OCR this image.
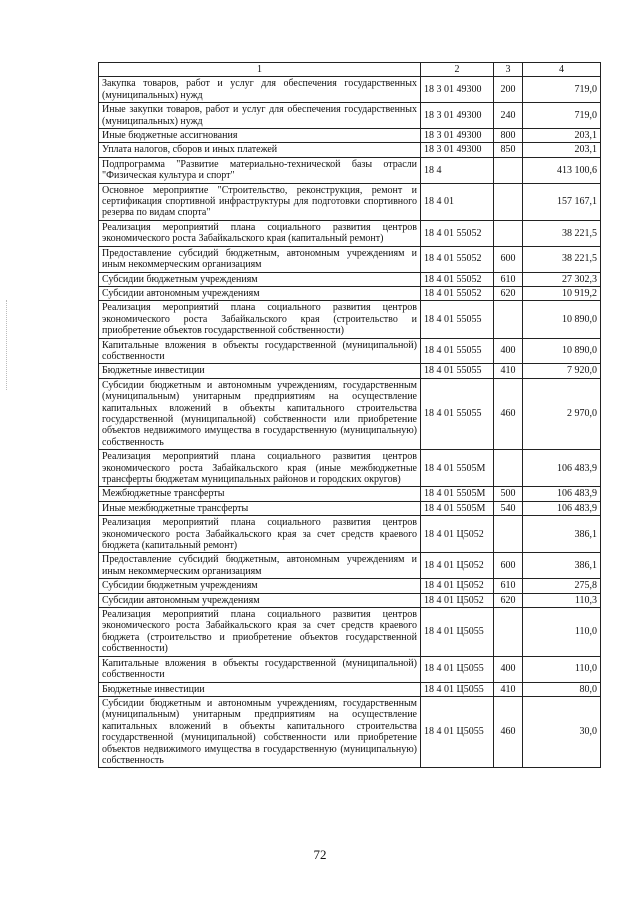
1	2	3	4
Закупка товаров, работ и услуг для обеспечения государственных (муниципальных) нужд	18 3 01 49300	200	719,0
Иные закупки товаров, работ и услуг для обеспечения государственных (муниципальных) нужд	18 3 01 49300	240	719,0
Иные бюджетные ассигнования	18 3 01 49300	800	203,1
Уплата налогов, сборов и иных платежей	18 3 01 49300	850	203,1
Подпрограмма "Развитие материально-технической базы отрасли "Физическая культура и спорт"	18 4		413 100,6
Основное мероприятие "Строительство, реконструкция, ремонт и сертификация спортивной инфраструктуры для подготовки спортивного резерва по видам спорта"	18 4 01		157 167,1
Реализация мероприятий плана социального развития центров экономического роста Забайкальского края (капитальный ремонт)	18 4 01 55052		38 221,5
Предоставление субсидий бюджетным, автономным учреждениям и иным некоммерческим организациям	18 4 01 55052	600	38 221,5
Субсидии бюджетным учреждениям	18 4 01 55052	610	27 302,3
Субсидии автономным учреждениям	18 4 01 55052	620	10 919,2
Реализация мероприятий плана социального развития центров экономического роста Забайкальского края (строительство и приобретение объектов государственной собственности)	18 4 01 55055		10 890,0
Капитальные вложения в объекты государственной (муниципальной) собственности	18 4 01 55055	400	10 890,0
Бюджетные инвестиции	18 4 01 55055	410	7 920,0
Субсидии бюджетным и автономным учреждениям, государственным (муниципальным) унитарным предприятиям на осуществление капитальных вложений в объекты капитального строительства государственной (муниципальной) собственности или приобретение объектов недвижимого имущества в государственную (муниципальную) собственность	18 4 01 55055	460	2 970,0
Реализация мероприятий плана социального развития центров экономического роста Забайкальского края (иные межбюджетные трансферты бюджетам муниципальных районов и городских округов)	18 4 01 5505М		106 483,9
Межбюджетные трансферты	18 4 01 5505М	500	106 483,9
Иные межбюджетные трансферты	18 4 01 5505М	540	106 483,9
Реализация мероприятий плана социального развития центров экономического роста Забайкальского края за счет средств краевого бюджета (капитальный ремонт)	18 4 01 Ц5052		386,1
Предоставление субсидий бюджетным, автономным учреждениям и иным некоммерческим организациям	18 4 01 Ц5052	600	386,1
Субсидии бюджетным учреждениям	18 4 01 Ц5052	610	275,8
Субсидии автономным учреждениям	18 4 01 Ц5052	620	110,3
Реализация мероприятий плана социального развития центров экономического роста Забайкальского края за счет средств краевого бюджета (строительство и приобретение объектов государственной собственности)	18 4 01 Ц5055		110,0
Капитальные вложения в объекты государственной (муниципальной) собственности	18 4 01 Ц5055	400	110,0
Бюджетные инвестиции	18 4 01 Ц5055	410	80,0
Субсидии бюджетным и автономным учреждениям, государственным (муниципальным) унитарным предприятиям на осуществление капитальных вложений в объекты капитального строительства государственной (муниципальной) собственности или приобретение объектов недвижимого имущества в государственную (муниципальную) собственность	18 4 01 Ц5055	460	30,0
72
